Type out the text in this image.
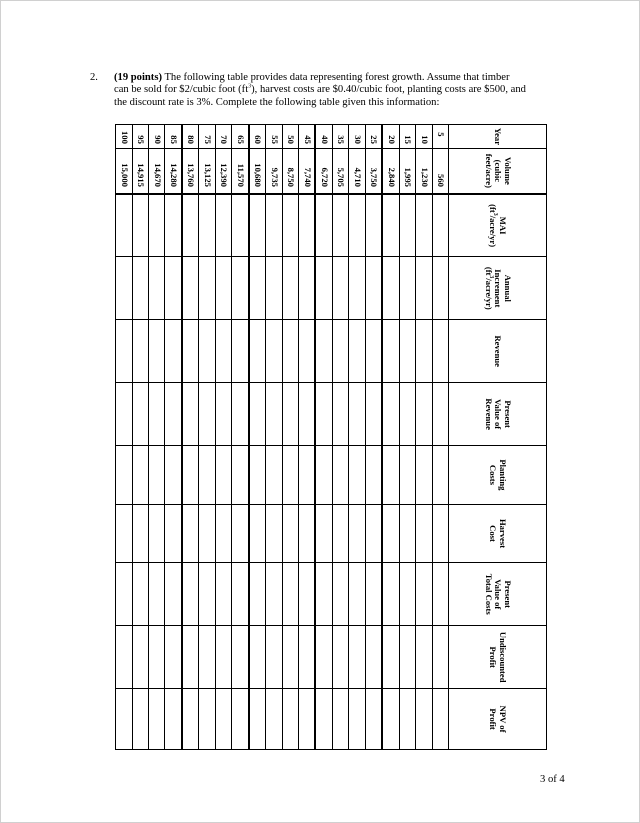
2. (19 points) The following table provides data representing forest growth. Assume that timber
can be sold for $2/cubic foot $(ft^3)$, harvest costs are $0.40/cubic foot, planting costs are $500, and
the discount rate is 3%. Complete the following table given this information:
Year	Volume
(cubic
feet/acre)	MAI
$(ft^3/acre/yr)$	Annual
Increment
$(ft^3/acre/yr)$	Revenue	Present
Value of
Revenue	Planting
Costs	Harvest
Cost	Present
Value of
Total Costs	Undiscounted
Profit	NPV of
Profit
5	560									
10	1,230									
15	1,995									
20	2,840									
25	3,750									
30	4,710									
35	5,705									
40	6,720									
45	7,740									
50	8,750									
55	9,735									
60	10,680									
65	11,570									
70	12,390									
75	13,125									
80	13,760									
85	14,280									
90	14,670									
95	14,915									
100	15,000									
3 of 4
